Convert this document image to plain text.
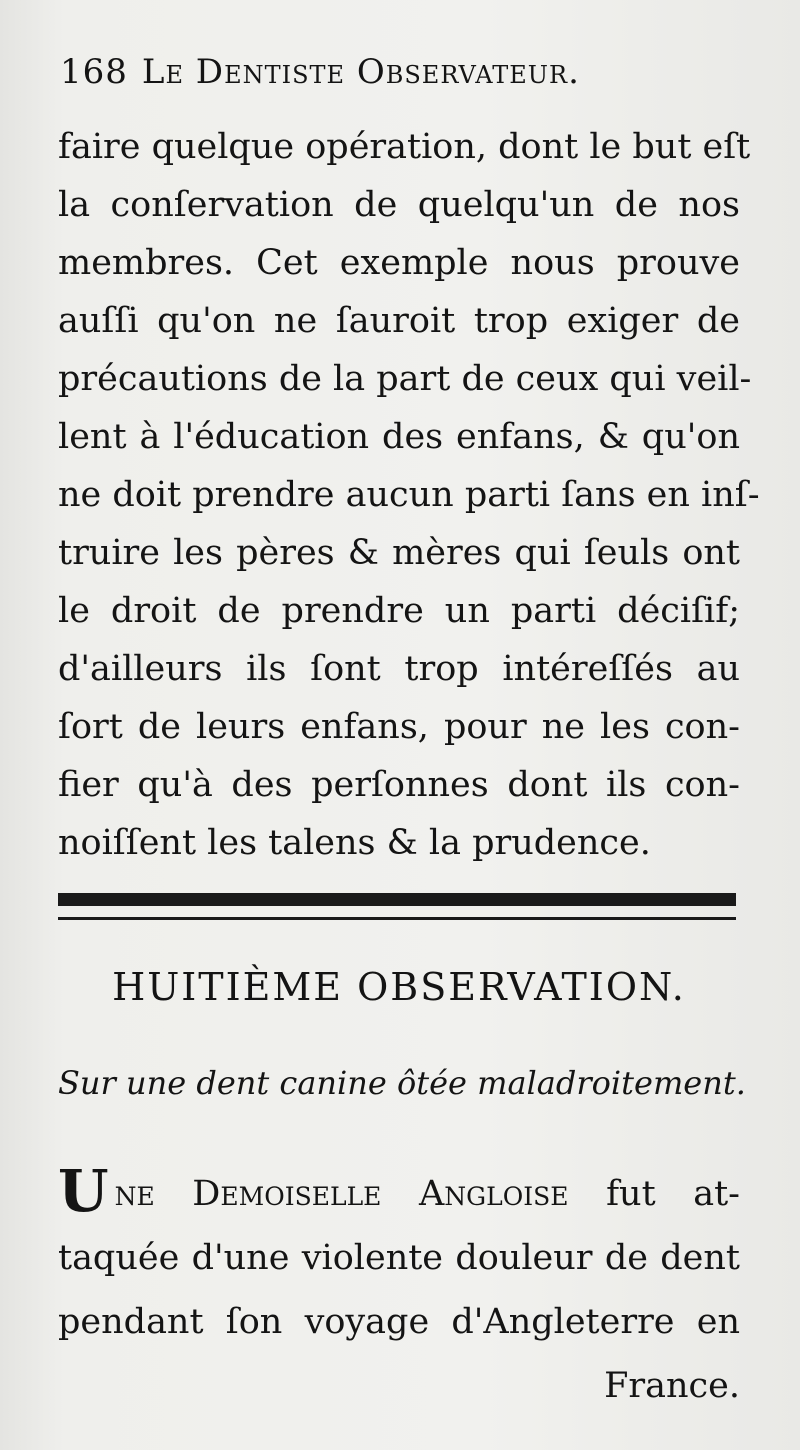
168 Le Dentiste Observateur.
faire quelque opération, dont le but eſt
la conſervation de quelqu'un de nos
membres. Cet exemple nous prouve
auſſi qu'on ne ſauroit trop exiger de
précautions de la part de ceux qui veil-
lent à l'éducation des enfans, & qu'on
ne doit prendre aucun parti ſans en inſ-
truire les pères & mères qui ſeuls ont
le droit de prendre un parti déciſif;
d'ailleurs ils ſont trop intéreſſés au
ſort de leurs enfans, pour ne les con-
fier qu'à des perſonnes dont ils con-
noiſſent les talens & la prudence.
HUITIÈME OBSERVATION.
Sur une dent canine ôtée maladroitement.
Une Demoiselle Angloise fut at-
taquée d'une violente douleur de dent
pendant ſon voyage d'Angleterre en
France.
